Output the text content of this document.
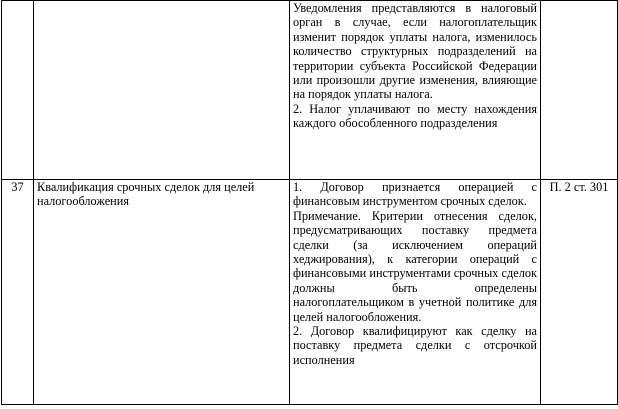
		Уведомления представляются в налоговый орган в случае, если налогоплательщик изменит порядок уплаты налога, изменилось количество структурных подразделений на территории субъекта Российской Федерации или произошли другие изменения, влияющие на порядок уплаты налога.
2. Налог уплачивают по месту нахождения каждого обособленного подразделения	

37	Квалификация срочных сделок для целей налогообложения	1. Договор признается операцией с финансовым инструментом срочных сделок.
Примечание. Критерии отнесения сделок, предусматривающих поставку предмета сделки (за исключением операций хеджирования), к категории операций с финансовыми инструментами срочных сделок должны быть определены налогоплательщиком в учетной политике для целей налогообложения.
2. Договор квалифицируют как сделку на поставку предмета сделки с отсрочкой исполнения	П. 2 ст. 301
